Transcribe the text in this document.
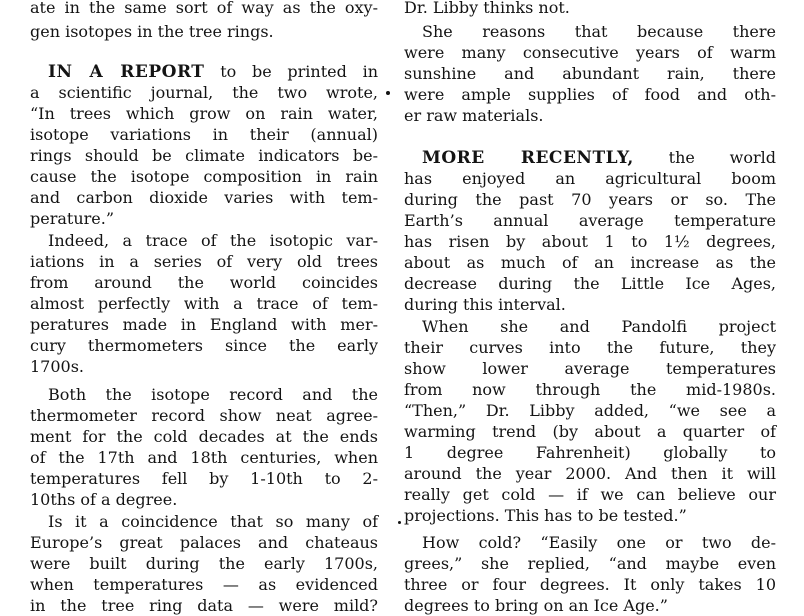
ate in the same sort of way as the oxy-
gen isotopes in the tree rings.
IN A REPORT to be printed in
a scientific journal, the two wrote,
“In trees which grow on rain water,
isotope variations in their (annual)
rings should be climate indicators be-
cause the isotope composition in rain
and carbon dioxide varies with tem-
perature.”
Indeed, a trace of the isotopic var-
iations in a series of very old trees
from around the world coincides
almost perfectly with a trace of tem-
peratures made in England with mer-
cury thermometers since the early
1700s.
Both the isotope record and the
thermometer record show neat agree-
ment for the cold decades at the ends
of the 17th and 18th centuries, when
temperatures fell by 1-10th to 2-
10ths of a degree.
Is it a coincidence that so many of
Europe’s great palaces and chateaus
were built during the early 1700s,
when temperatures — as evidenced
in the tree ring data — were mild?
Dr. Libby thinks not.
She reasons that because there
were many consecutive years of warm
sunshine and abundant rain, there
were ample supplies of food and oth-
er raw materials.
MORE RECENTLY, the world
has enjoyed an agricultural boom
during the past 70 years or so. The
Earth’s annual average temperature
has risen by about 1 to 1½ degrees,
about as much of an increase as the
decrease during the Little Ice Ages,
during this interval.
When she and Pandolfi project
their curves into the future, they
show lower average temperatures
from now through the mid-1980s.
“Then,” Dr. Libby added, “we see a
warming trend (by about a quarter of
1 degree Fahrenheit) globally to
around the year 2000. And then it will
really get cold — if we can believe our
projections. This has to be tested.”
How cold? “Easily one or two de-
grees,” she replied, “and maybe even
three or four degrees. It only takes 10
degrees to bring on an Ice Age.”
